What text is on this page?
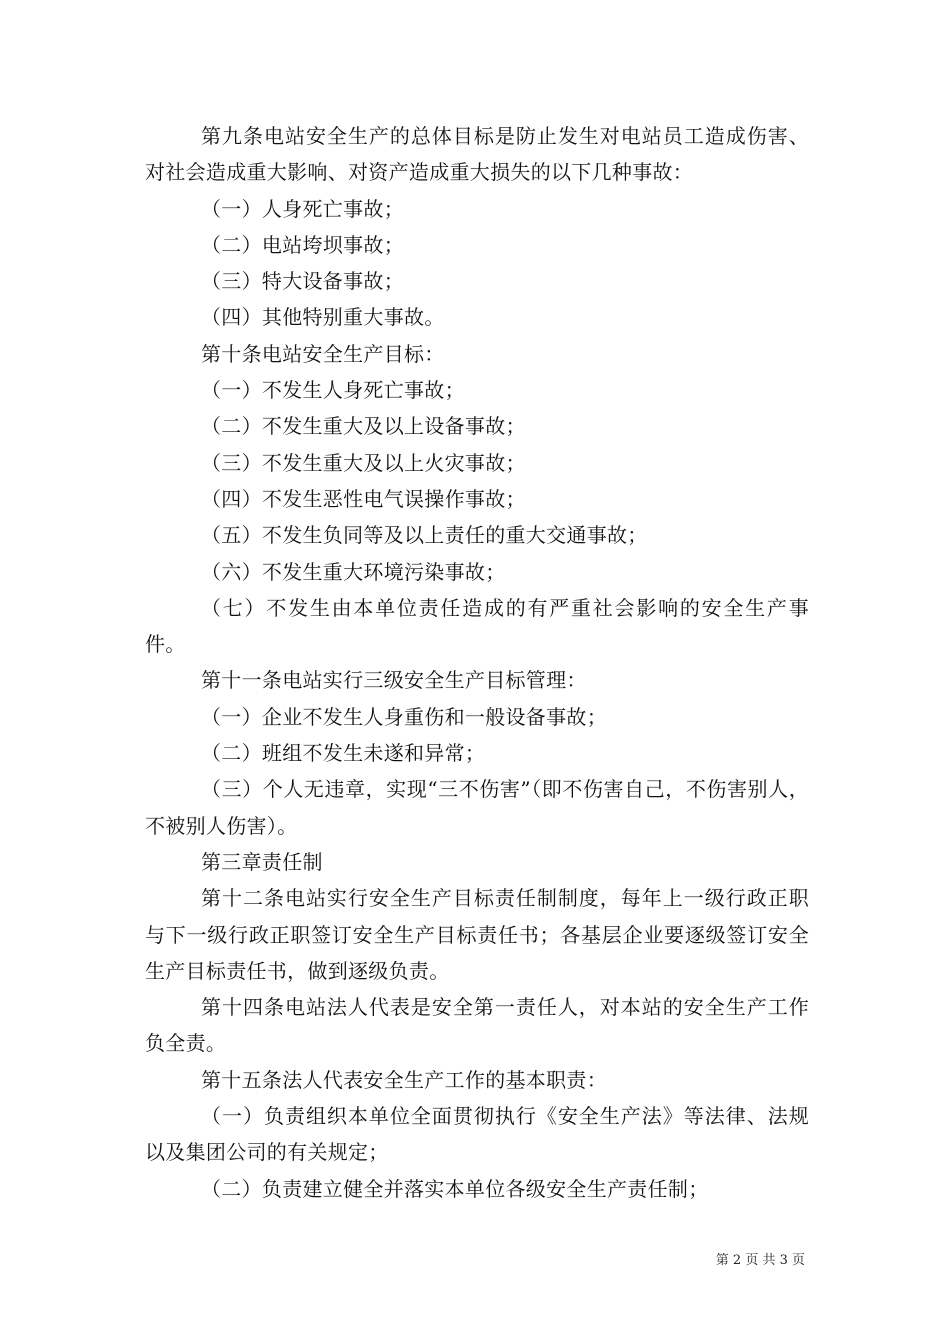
第九条电站安全生产的总体目标是防止发生对电站员工造成伤害、对社会造成重大影响、对资产造成重大损失的以下几种事故：

（一）人身死亡事故；

（二）电站垮坝事故；

（三）特大设备事故；

（四）其他特别重大事故。

第十条电站安全生产目标：

（一）不发生人身死亡事故；

（二）不发生重大及以上设备事故；

（三）不发生重大及以上火灾事故；

（四）不发生恶性电气误操作事故；

（五）不发生负同等及以上责任的重大交通事故；

（六）不发生重大环境污染事故；

（七）不发生由本单位责任造成的有严重社会影响的安全生产事件。

第十一条电站实行三级安全生产目标管理：

（一）企业不发生人身重伤和一般设备事故；

（二）班组不发生未遂和异常；

（三）个人无违章，实现“三不伤害”（即不伤害自己，不伤害别人，不被别人伤害）。

第三章责任制

第十二条电站实行安全生产目标责任制制度，每年上一级行政正职与下一级行政正职签订安全生产目标责任书；各基层企业要逐级签订安全生产目标责任书，做到逐级负责。

第十四条电站法人代表是安全第一责任人，对本站的安全生产工作负全责。

第十五条法人代表安全生产工作的基本职责：

（一）负责组织本单位全面贯彻执行《安全生产法》等法律、法规以及集团公司的有关规定；

（二）负责建立健全并落实本单位各级安全生产责任制；

第 2 页 共 3 页
